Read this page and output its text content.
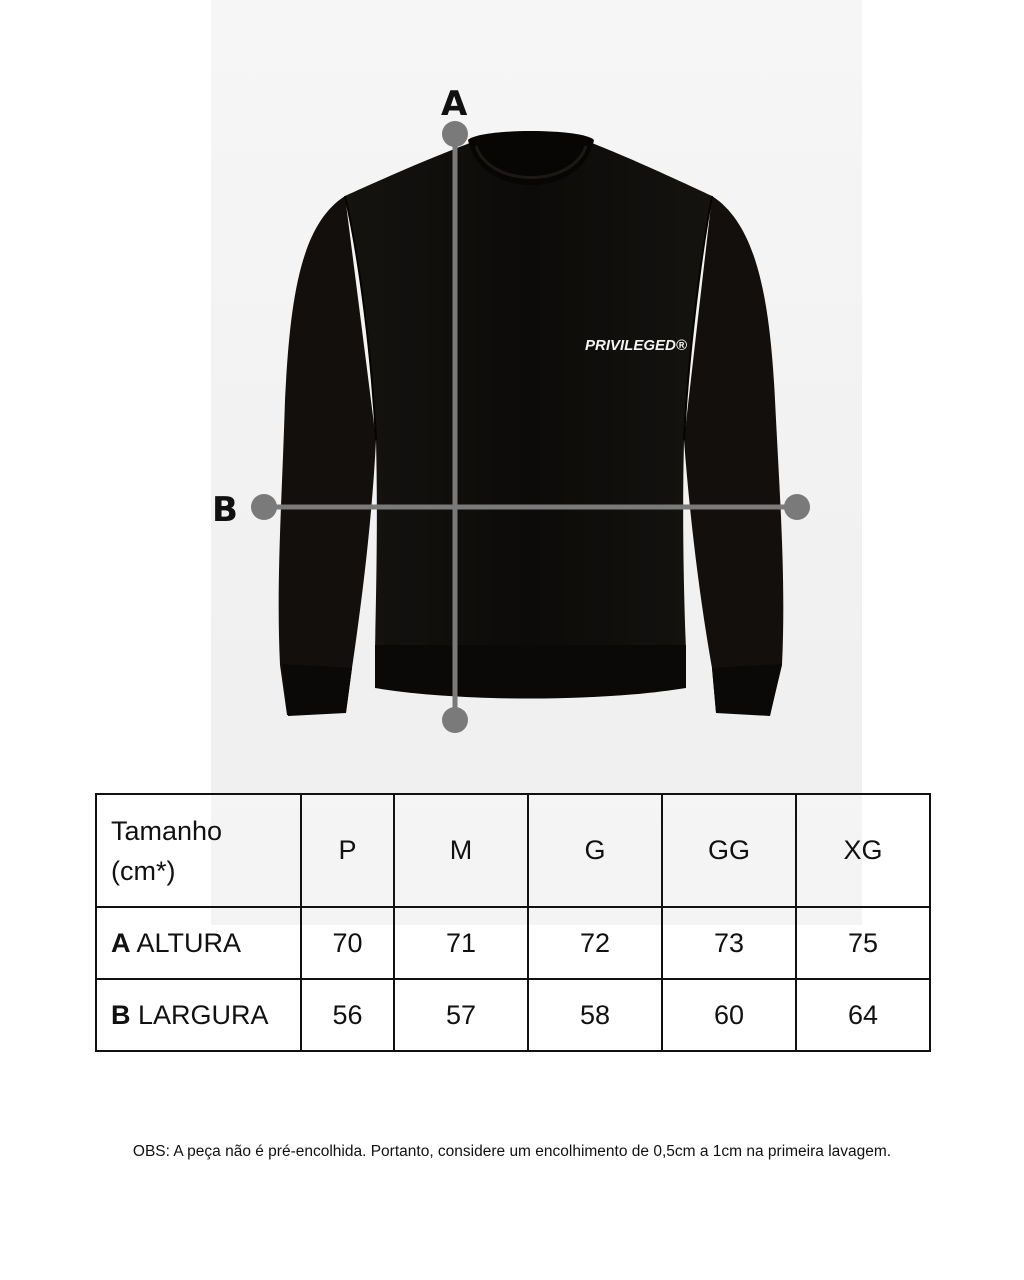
PRIVILEGED®
A
B
Tamanho
(cm*)	P	M	G	GG	XG
A ALTURA	70	71	72	73	75
B LARGURA	56	57	58	60	64
OBS: A peça não é pré-encolhida. Portanto, considere um encolhimento de 0,5cm a 1cm na primeira lavagem.
